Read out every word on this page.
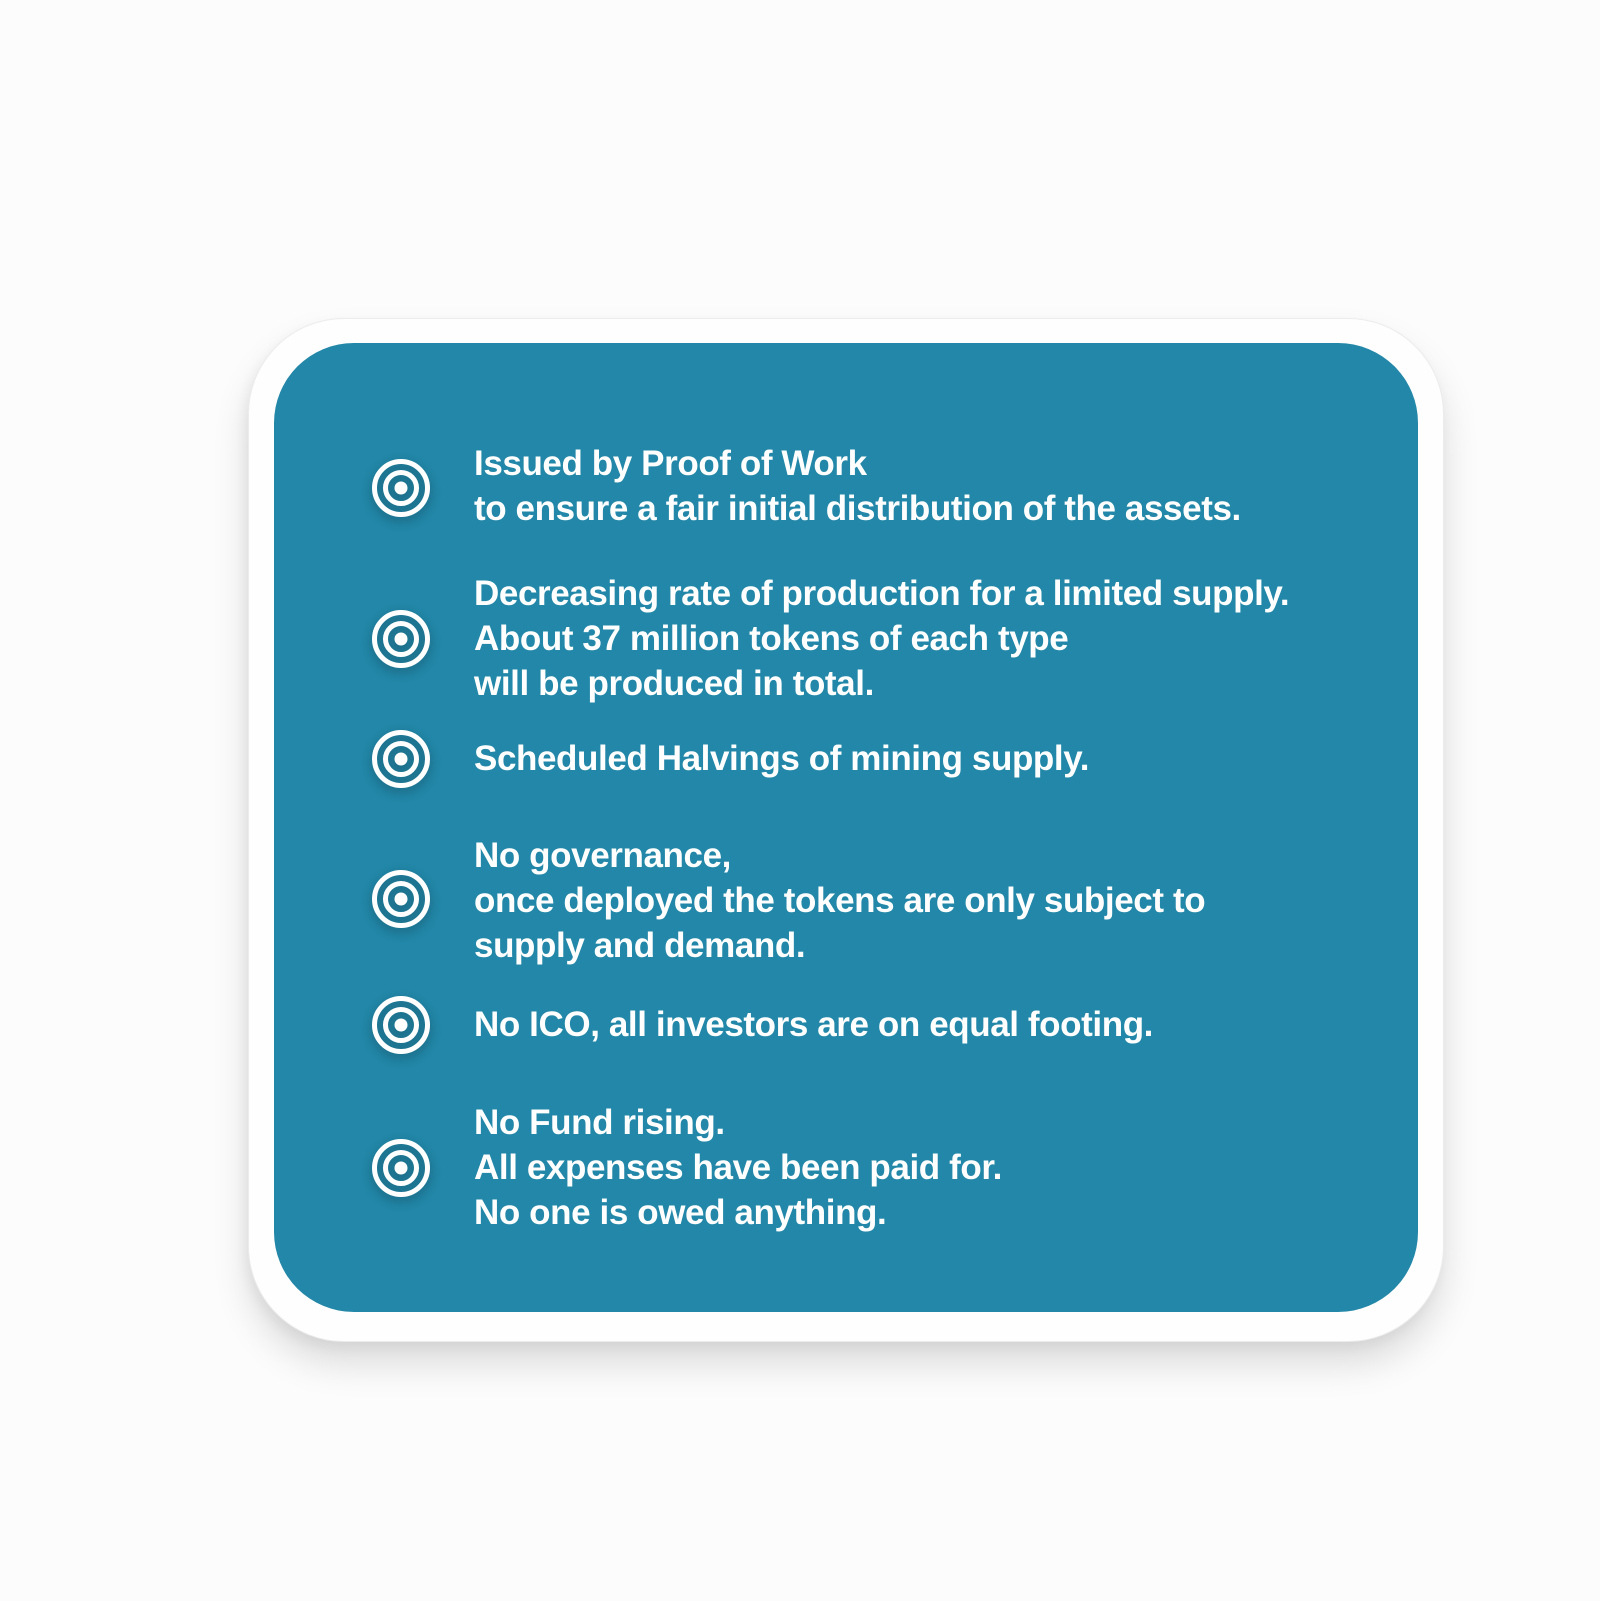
Issued by Proof of Work
to ensure a fair initial distribution of the assets.
Decreasing rate of production for a limited supply.
About 37 million tokens of each type
will be produced in total.
Scheduled Halvings of mining supply.
No governance,
once deployed the tokens are only subject to
supply and demand.
No ICO, all investors are on equal footing.
No Fund rising.
All expenses have been paid for.
No one is owed anything.
